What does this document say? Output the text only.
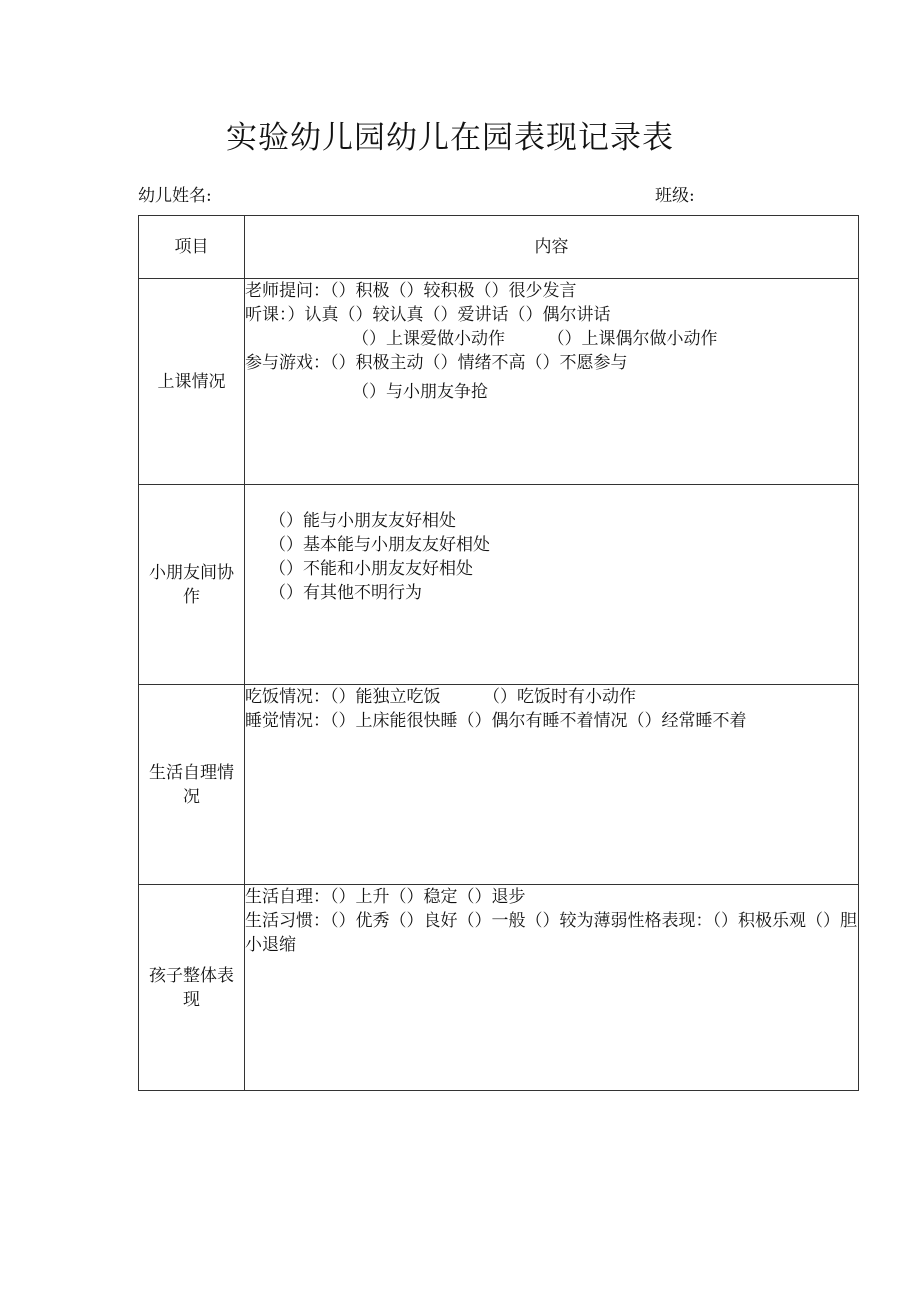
实验幼儿园幼儿在园表现记录表
幼儿姓名:	班级:
项目	内容
上课情况	老师提问：（）积极（）较积极（）很少发言
听课：）认真（）较认真（）爱讲话（）偶尔讲话
（）上课爱做小动作　　　（）上课偶尔做小动作
参与游戏：（）积极主动（）情绪不高（）不愿参与
（）与小朋友争抢

小朋友间协作	（）能与小朋友友好相处
（）基本能与小朋友友好相处
（）不能和小朋友友好相处
（）有其他不明行为

生活自理情况	吃饭情况：（）能独立吃饭　　　（）吃饭时有小动作
睡觉情况：（）上床能很快睡（）偶尔有睡不着情况（）经常睡不着

孩子整体表现	生活自理：（）上升（）稳定（）退步
生活习惯：（）优秀（）良好（）一般（）较为薄弱性格表现：（）积极乐观（）胆小退缩
